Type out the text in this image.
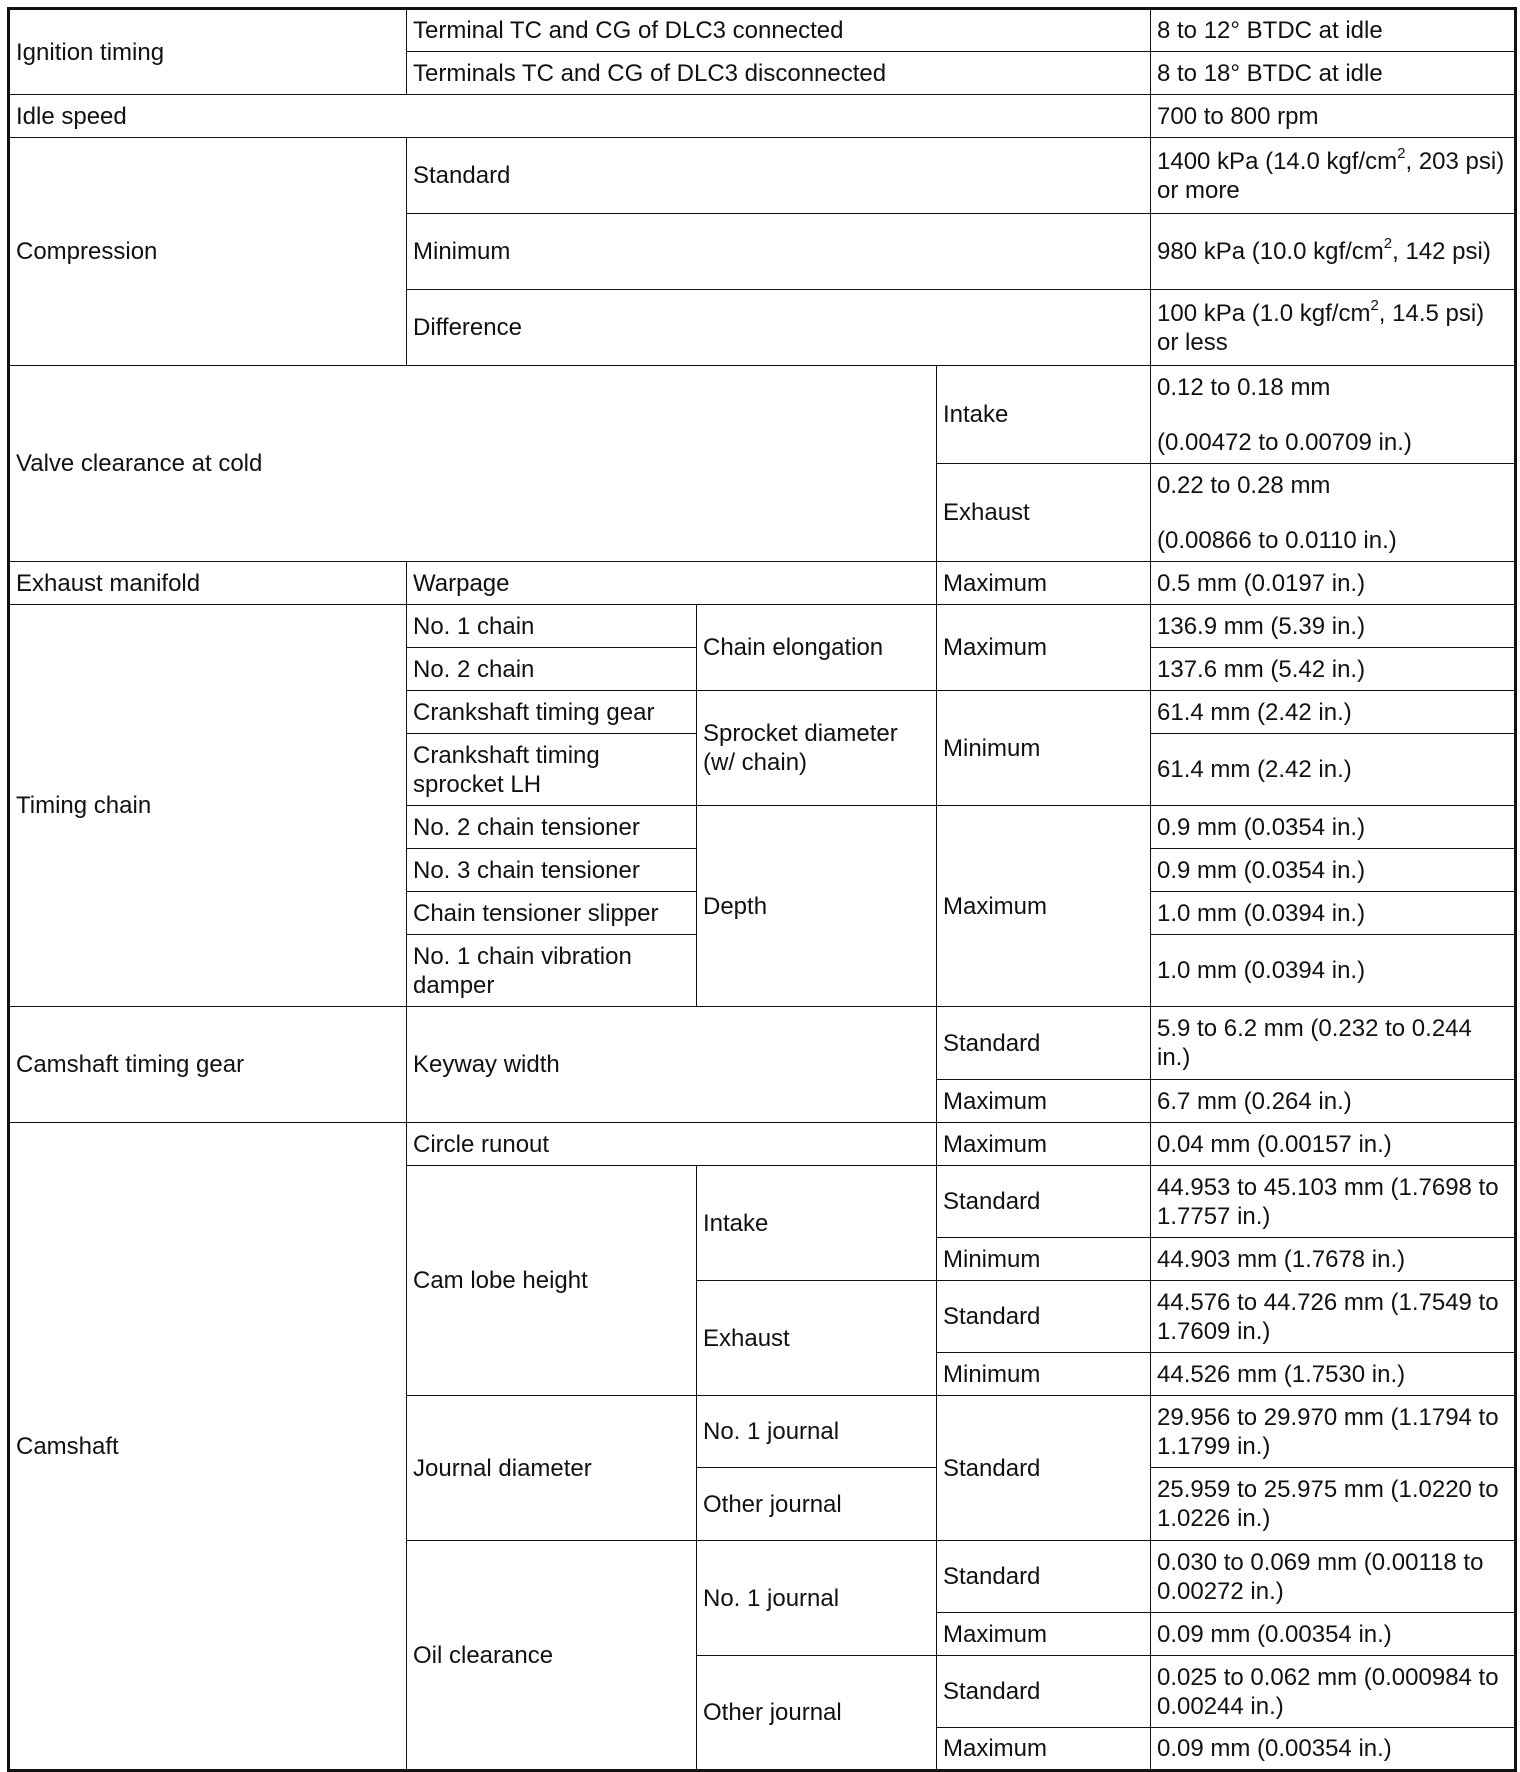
Ignition timing	Terminal TC and CG of DLC3 connected			8 to 12° BTDC at idle
	Terminals TC and CG of DLC3 disconnected			8 to 18° BTDC at idle
Idle speed				700 to 800 rpm
Compression	Standard			1400 kPa (14.0 kgf/$cm^2$, 203 psi) or more
	Minimum			980 kPa (10.0 kgf/$cm^2$, 142 psi)
	Difference			100 kPa (1.0 kgf/$cm^2$, 14.5 psi) or less
Valve clearance at cold			Intake	0.12 to 0.18 mm
(0.00472 to 0.00709 in.)

			Exhaust	0.22 to 0.28 mm
(0.00866 to 0.0110 in.)

Exhaust manifold	Warpage		Maximum	0.5 mm (0.0197 in.)
Timing chain	No. 1 chain	Chain elongation	Maximum	136.9 mm (5.39 in.)
	No. 2 chain			137.6 mm (5.42 in.)
	Crankshaft timing gear	Sprocket diameter (w/ chain)	Minimum	61.4 mm (2.42 in.)
	Crankshaft timing sprocket LH			61.4 mm (2.42 in.)
	No. 2 chain tensioner	Depth	Maximum	0.9 mm (0.0354 in.)
	No. 3 chain tensioner			0.9 mm (0.0354 in.)
	Chain tensioner slipper			1.0 mm (0.0394 in.)
	No. 1 chain vibration damper			1.0 mm (0.0394 in.)
Camshaft timing gear	Keyway width		Standard	5.9 to 6.2 mm (0.232 to 0.244 in.)
			Maximum	6.7 mm (0.264 in.)
Camshaft	Circle runout		Maximum	0.04 mm (0.00157 in.)
	Cam lobe height	Intake	Standard	44.953 to 45.103 mm (1.7698 to 1.7757 in.)
			Minimum	44.903 mm (1.7678 in.)
		Exhaust	Standard	44.576 to 44.726 mm (1.7549 to 1.7609 in.)
			Minimum	44.526 mm (1.7530 in.)
	Journal diameter	No. 1 journal	Standard	29.956 to 29.970 mm (1.1794 to 1.1799 in.)
		Other journal		25.959 to 25.975 mm (1.0220 to 1.0226 in.)
	Oil clearance	No. 1 journal	Standard	0.030 to 0.069 mm (0.00118 to 0.00272 in.)
			Maximum	0.09 mm (0.00354 in.)
		Other journal	Standard	0.025 to 0.062 mm (0.000984 to 0.00244 in.)
			Maximum	0.09 mm (0.00354 in.)
